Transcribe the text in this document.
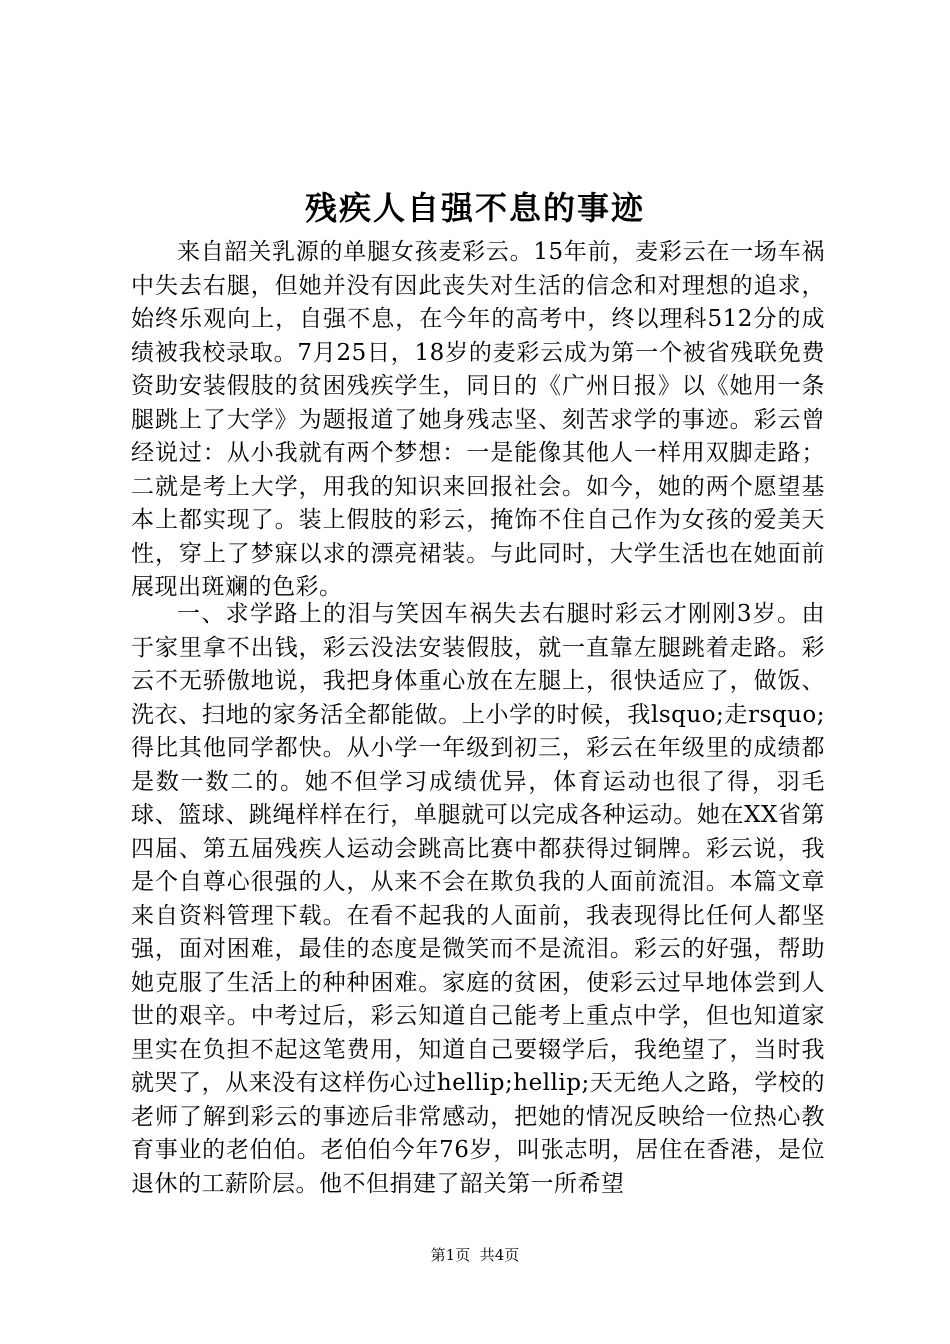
残疾人自强不息的事迹

来自韶关乳源的单腿女孩麦彩云。15年前，麦彩云在一场车祸中失去右腿，但她并没有因此丧失对生活的信念和对理想的追求，始终乐观向上，自强不息，在今年的高考中，终以理科512分的成绩被我校录取。7月25日，18岁的麦彩云成为第一个被省残联免费资助安装假肢的贫困残疾学生，同日的《广州日报》以《她用一条腿跳上了大学》为题报道了她身残志坚、刻苦求学的事迹。彩云曾经说过：从小我就有两个梦想：一是能像其他人一样用双脚走路；二就是考上大学，用我的知识来回报社会。如今，她的两个愿望基本上都实现了。装上假肢的彩云，掩饰不住自己作为女孩的爱美天性，穿上了梦寐以求的漂亮裙装。与此同时，大学生活也在她面前展现出斑斓的色彩。

一、求学路上的泪与笑因车祸失去右腿时彩云才刚刚3岁。由于家里拿不出钱，彩云没法安装假肢，就一直靠左腿跳着走路。彩云不无骄傲地说，我把身体重心放在左腿上，很快适应了，做饭、洗衣、扫地的家务活全都能做。上小学的时候，我lsquo;走rsquo;得比其他同学都快。从小学一年级到初三，彩云在年级里的成绩都是数一数二的。她不但学习成绩优异，体育运动也很了得，羽毛球、篮球、跳绳样样在行，单腿就可以完成各种运动。她在XX省第四届、第五届残疾人运动会跳高比赛中都获得过铜牌。彩云说，我是个自尊心很强的人，从来不会在欺负我的人面前流泪。本篇文章来自资料管理下载。在看不起我的人面前，我表现得比任何人都坚强，面对困难，最佳的态度是微笑而不是流泪。彩云的好强，帮助她克服了生活上的种种困难。家庭的贫困，使彩云过早地体尝到人世的艰辛。中考过后，彩云知道自己能考上重点中学，但也知道家里实在负担不起这笔费用，知道自己要辍学后，我绝望了，当时我就哭了，从来没有这样伤心过hellip;hellip;天无绝人之路，学校的老师了解到彩云的事迹后非常感动，把她的情况反映给一位热心教育事业的老伯伯。老伯伯今年76岁，叫张志明，居住在香港，是位退休的工薪阶层。他不但捐建了韶关第一所希望

第1页 共4页
